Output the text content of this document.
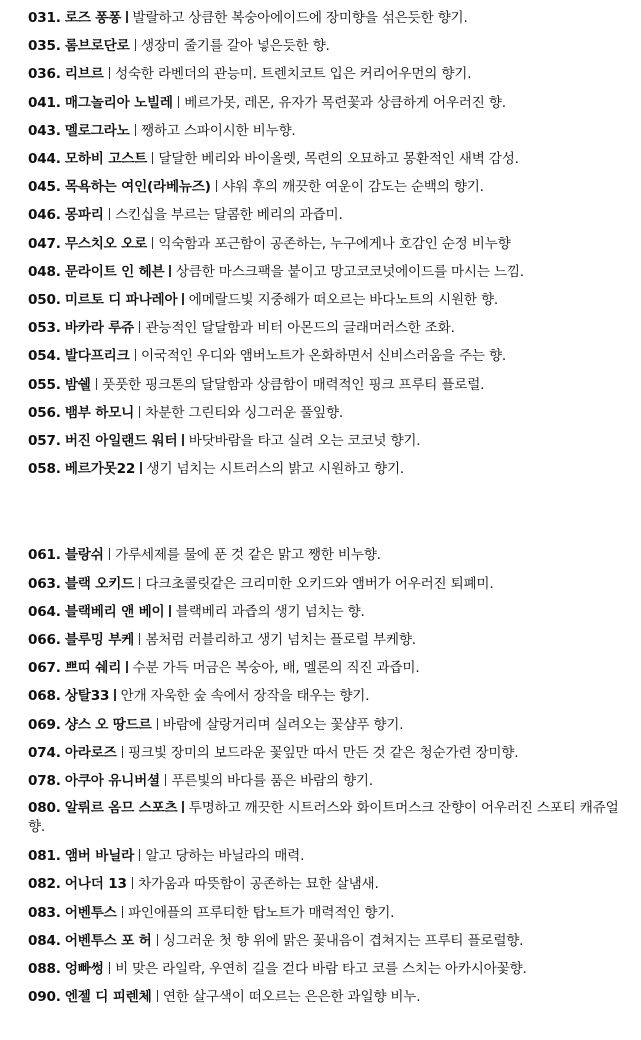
031. 로즈 퐁퐁 발랄하고 상큼한 복숭아에이드에 장미향을 섞은듯한 향기.
035. 롬브로단로 생장미 줄기를 갈아 넣은듯한 향.
036. 리브르 성숙한 라벤더의 관능미. 트렌치코트 입은 커리어우먼의 향기.
041. 매그놀리아 노빌레 베르가못, 레몬, 유자가 목련꽃과 상큼하게 어우러진 향.
043. 멜로그라노 쨍하고 스파이시한 비누향.
044. 모하비 고스트 달달한 베리와 바이올렛, 목련의 오묘하고 몽환적인 새벽 감성.
045. 목욕하는 여인(라베뉴즈) 샤워 후의 깨끗한 여운이 감도는 순백의 향기.
046. 몽파리 스킨십을 부르는 달콤한 베리의 과즙미.
047. 무스치오 오로 익숙함과 포근함이 공존하는, 누구에게나 호감인 순정 비누향
048. 문라이트 인 헤븐 상큼한 마스크팩을 붙이고 망고코코넛에이드를 마시는 느낌.
050. 미르토 디 파나레아 에메랄드빛 지중해가 떠오르는 바다노트의 시원한 향.
053. 바카라 루쥬 관능적인 달달함과 비터 아몬드의 글래머러스한 조화.
054. 발다프리크 이국적인 우디와 앰버노트가 온화하면서 신비스러움을 주는 향.
055. 밤쉘 풋풋한 핑크톤의 달달함과 상큼함이 매력적인 핑크 프루티 플로럴.
056. 뱀부 하모니 차분한 그린티와 싱그러운 풀잎향.
057. 버진 아일랜드 워터 바닷바람을 타고 실려 오는 코코넛 향기.
058. 베르가못22 생기 넘치는 시트러스의 밝고 시원하고 향기.
061. 블랑쉬 가루세제를 물에 푼 것 같은 맑고 쨍한 비누향.
063. 블랙 오키드 다크초콜릿같은 크리미한 오키드와 앰버가 어우러진 퇴폐미.
064. 블랙베리 앤 베이 블랙베리 과즙의 생기 넘치는 향.
066. 블루밍 부케 봄처럼 러블리하고 생기 넘치는 플로럴 부케향.
067. 쁘띠 쉐리 수분 가득 머금은 복숭아, 배, 멜론의 직진 과즙미.
068. 상탈33 안개 자욱한 숲 속에서 장작을 태우는 향기.
069. 샹스 오 땅드르 바람에 살랑거리며 실려오는 꽃샴푸 향기.
074. 아라로즈 핑크빛 장미의 보드라운 꽃잎만 따서 만든 것 같은 청순가련 장미향.
078. 아쿠아 유니버셜 푸른빛의 바다를 품은 바람의 향기.
080. 알뤼르 옴므 스포츠 투명하고 깨끗한 시트러스와 화이트머스크 잔향이 어우러진 스포티 캐쥬얼 향.
081. 앰버 바닐라 알고 당하는 바닐라의 매력.
082. 어나더 13 차가움과 따뜻함이 공존하는 묘한 살냄새.
083. 어벤투스 파인애플의 프루티한 탑노트가 매력적인 향기.
084. 어벤투스 포 허 싱그러운 첫 향 위에 맑은 꽃내음이 겹쳐지는 프루티 플로럴향.
088. 엉빠썽 비 맞은 라일락, 우연히 길을 걷다 바람 타고 코를 스치는 아카시아꽃향.
090. 엔젤 디 피렌체 연한 살구색이 떠오르는 은은한 과일향 비누.
